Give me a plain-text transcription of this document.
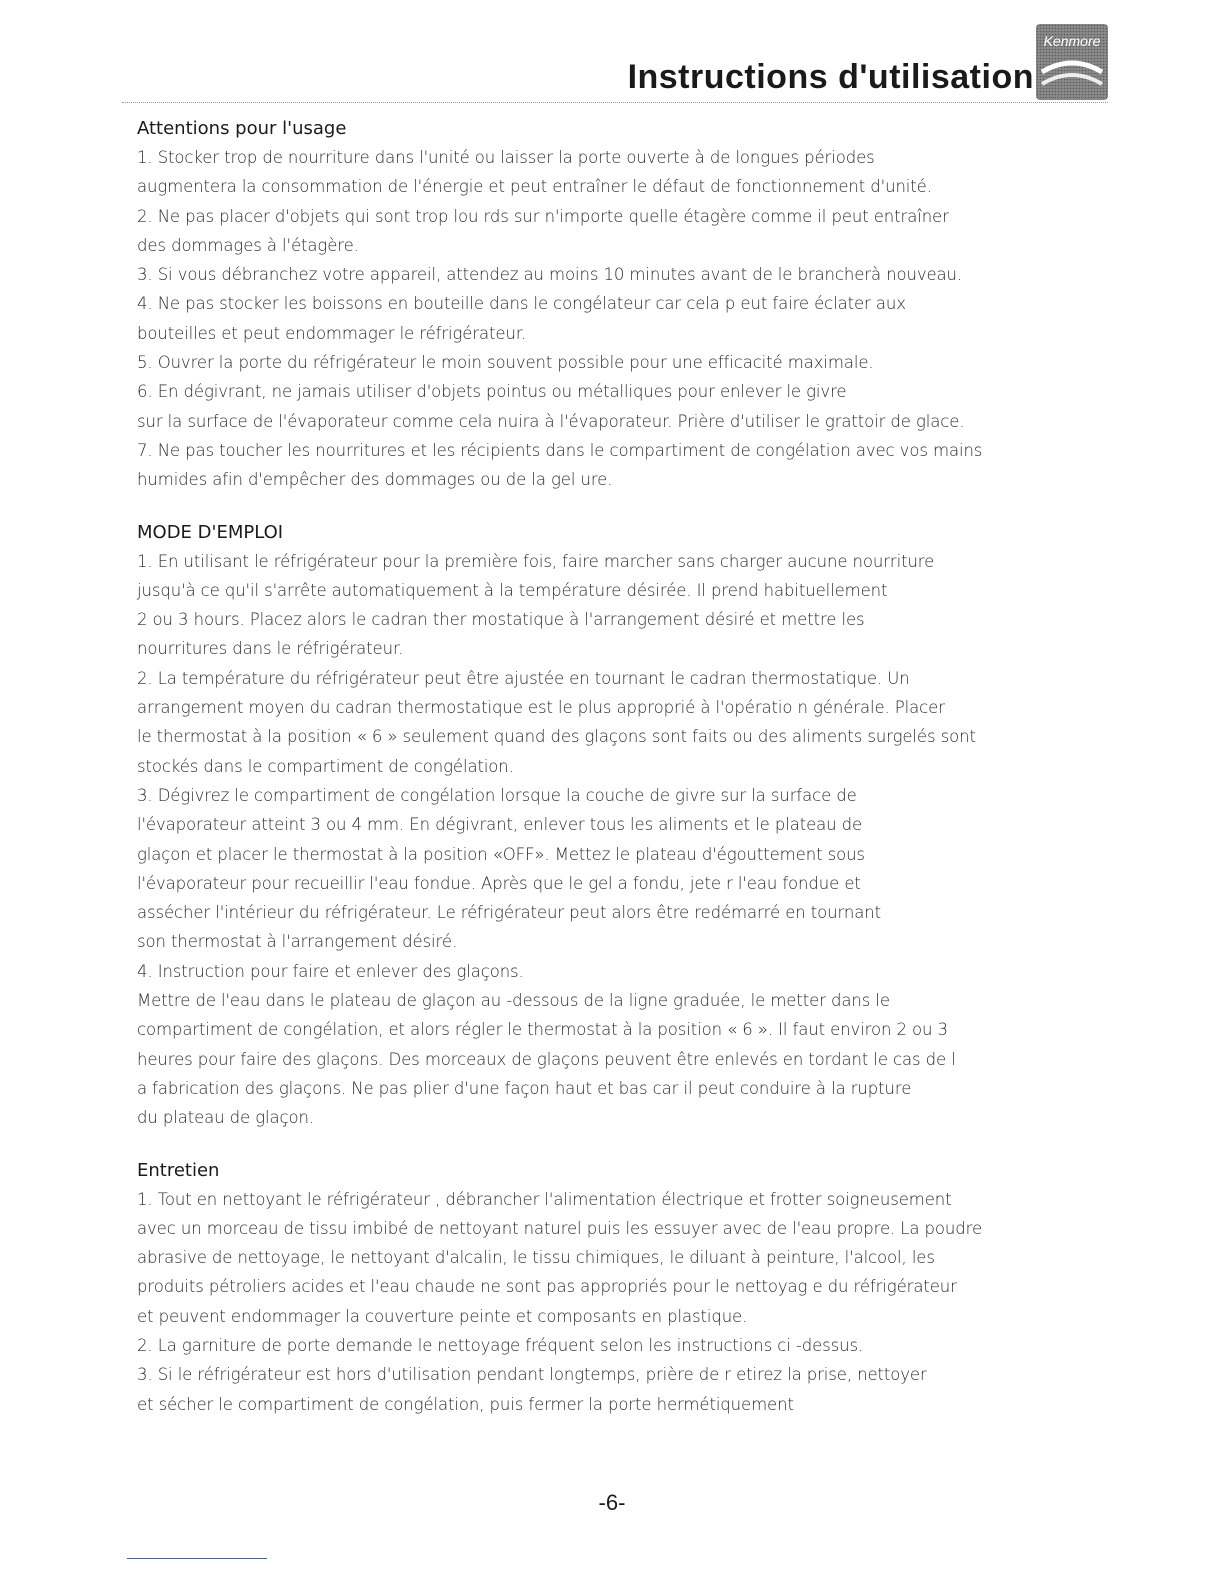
Instructions d'utilisation
Kenmore

Attentions pour l'usage

1. Stocker trop de nourriture dans l'unité ou laisser la porte ouverte à de longues périodes

augmentera la consommation de l'énergie et peut entraîner le défaut de fonctionnement d'unité.

2. Ne pas placer d'objets qui sont trop lou rds sur n'importe quelle étagère comme il peut entraîner

des dommages à l'étagère.

3. Si vous débranchez votre appareil, attendez au moins 10 minutes avant de le brancherà nouveau.

4. Ne pas stocker les boissons en bouteille dans le congélateur car cela p eut faire éclater aux

bouteilles et peut endommager le réfrigérateur.

5. Ouvrer la porte du réfrigérateur le moin souvent possible pour une efficacité maximale.

6. En dégivrant, ne jamais utiliser d'objets pointus ou métalliques pour enlever le givre

sur la surface de l'évaporateur comme cela nuira à l'évaporateur. Prière d'utiliser le grattoir de glace.

7. Ne pas toucher les nourritures et les récipients dans le compartiment de congélation avec vos mains

humides afin d'empêcher des dommages ou de la gel ure.

MODE D'EMPLOI

1. En utilisant le réfrigérateur pour la première fois, faire marcher sans charger aucune nourriture

jusqu'à ce qu'il s'arrête automatiquement à la température désirée. Il prend habituellement

2 ou 3 hours. Placez alors le cadran ther mostatique à l'arrangement désiré et mettre les

nourritures dans le réfrigérateur.

2. La température du réfrigérateur peut être ajustée en tournant le cadran thermostatique. Un

arrangement moyen du cadran thermostatique est le plus approprié à l'opératio n générale. Placer

le thermostat à la position « 6 » seulement quand des glaçons sont faits ou des aliments surgelés sont

stockés dans le compartiment de congélation.

3. Dégivrez le compartiment de congélation lorsque la couche de givre sur la surface de

l'évaporateur atteint 3 ou 4 mm. En dégivrant, enlever tous les aliments et le plateau de

glaçon et placer le thermostat à la position «OFF». Mettez le plateau d'égouttement sous

l'évaporateur pour recueillir l'eau fondue. Après que le gel a fondu, jete r l'eau fondue et

assécher l'intérieur du réfrigérateur. Le réfrigérateur peut alors être redémarré en tournant

son thermostat à l'arrangement désiré.

4. Instruction pour faire et enlever des glaçons.

Mettre de l'eau dans le plateau de glaçon au -dessous de la ligne graduée, le metter dans le

compartiment de congélation, et alors régler le thermostat à la position « 6 ». Il faut environ 2 ou 3

heures pour faire des glaçons. Des morceaux de glaçons peuvent être enlevés en tordant le cas de l

a fabrication des glaçons. Ne pas plier d'une façon haut et bas car il peut conduire à la rupture

du plateau de glaçon.

Entretien

1. Tout en nettoyant le réfrigérateur , débrancher l'alimentation électrique et frotter soigneusement

avec un morceau de tissu imbibé de nettoyant naturel puis les essuyer avec de l'eau propre. La poudre

abrasive de nettoyage, le nettoyant d'alcalin, le tissu chimiques, le diluant à peinture, l'alcool, les

produits pétroliers acides et l'eau chaude ne sont pas appropriés pour le nettoyag e du réfrigérateur

et peuvent endommager la couverture peinte et composants en plastique.

2. La garniture de porte demande le nettoyage fréquent selon les instructions ci -dessus.

3. Si le réfrigérateur est hors d'utilisation pendant longtemps, prière de r etirez la prise, nettoyer

et sécher le compartiment de congélation, puis fermer la porte hermétiquement

-6-
